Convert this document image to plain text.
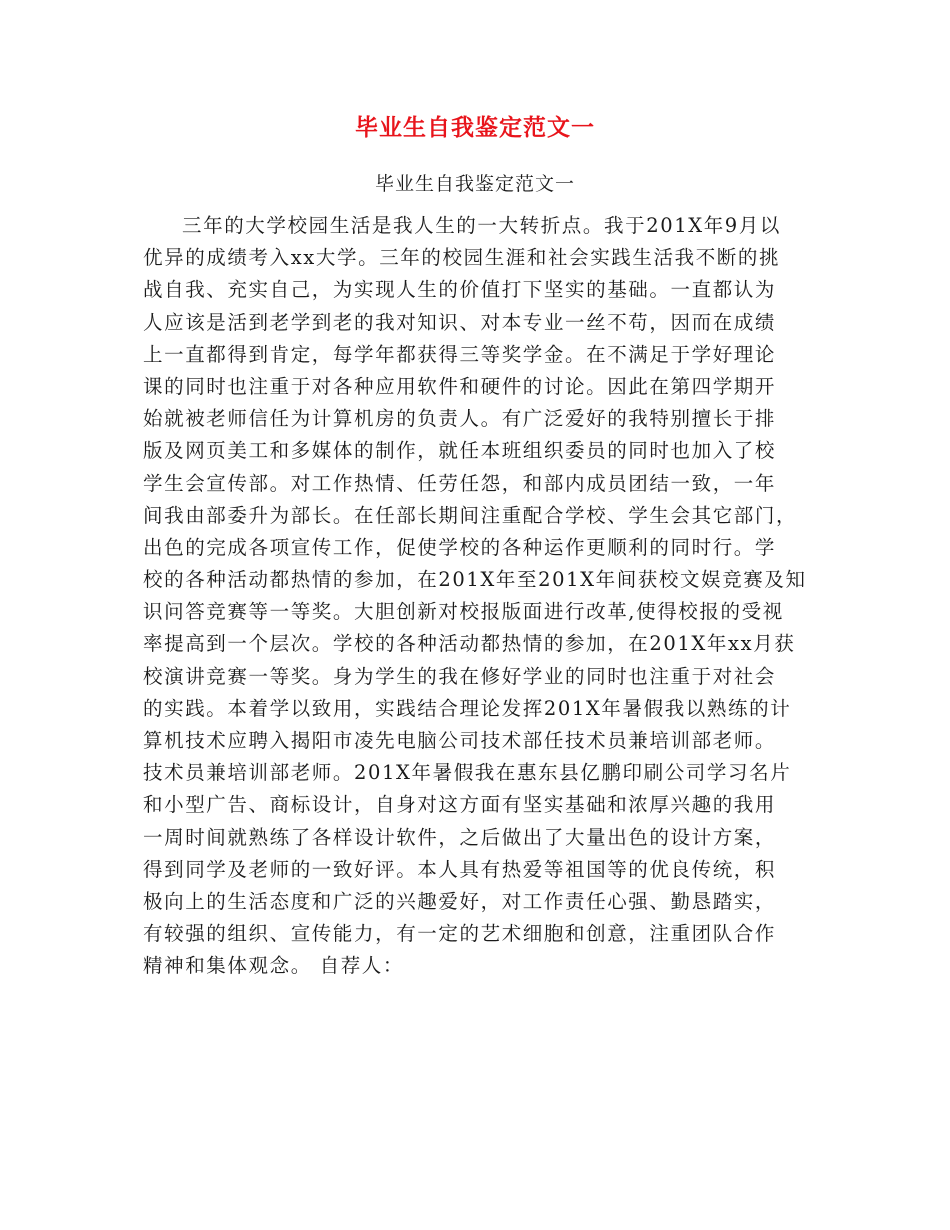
毕业生自我鉴定范文一
毕业生自我鉴定范文一
三年的大学校园生活是我人生的一大转折点。我于201X年9月以
优异的成绩考入xx大学。三年的校园生涯和社会实践生活我不断的挑
战自我、充实自己，为实现人生的价值打下坚实的基础。一直都认为
人应该是活到老学到老的我对知识、对本专业一丝不苟，因而在成绩
上一直都得到肯定，每学年都获得三等奖学金。在不满足于学好理论
课的同时也注重于对各种应用软件和硬件的讨论。因此在第四学期开
始就被老师信任为计算机房的负责人。有广泛爱好的我特别擅长于排
版及网页美工和多媒体的制作，就任本班组织委员的同时也加入了校
学生会宣传部。对工作热情、任劳任怨，和部内成员团结一致，一年
间我由部委升为部长。在任部长期间注重配合学校、学生会其它部门，
出色的完成各项宣传工作，促使学校的各种运作更顺利的同时行。学
校的各种活动都热情的参加，在201X年至201X年间获校文娱竞赛及知
识问答竞赛等一等奖。大胆创新对校报版面进行改革,使得校报的受视
率提高到一个层次。学校的各种活动都热情的参加，在201X年xx月获
校演讲竞赛一等奖。身为学生的我在修好学业的同时也注重于对社会
的实践。本着学以致用，实践结合理论发挥201X年暑假我以熟练的计
算机技术应聘入揭阳市凌先电脑公司技术部任技术员兼培训部老师。
技术员兼培训部老师。201X年暑假我在惠东县亿鹏印刷公司学习名片
和小型广告、商标设计，自身对这方面有坚实基础和浓厚兴趣的我用
一周时间就熟练了各样设计软件，之后做出了大量出色的设计方案，
得到同学及老师的一致好评。本人具有热爱等祖国等的优良传统，积
极向上的生活态度和广泛的兴趣爱好，对工作责任心强、勤恳踏实，
有较强的组织、宣传能力，有一定的艺术细胞和创意，注重团队合作
精神和集体观念。 自荐人：
